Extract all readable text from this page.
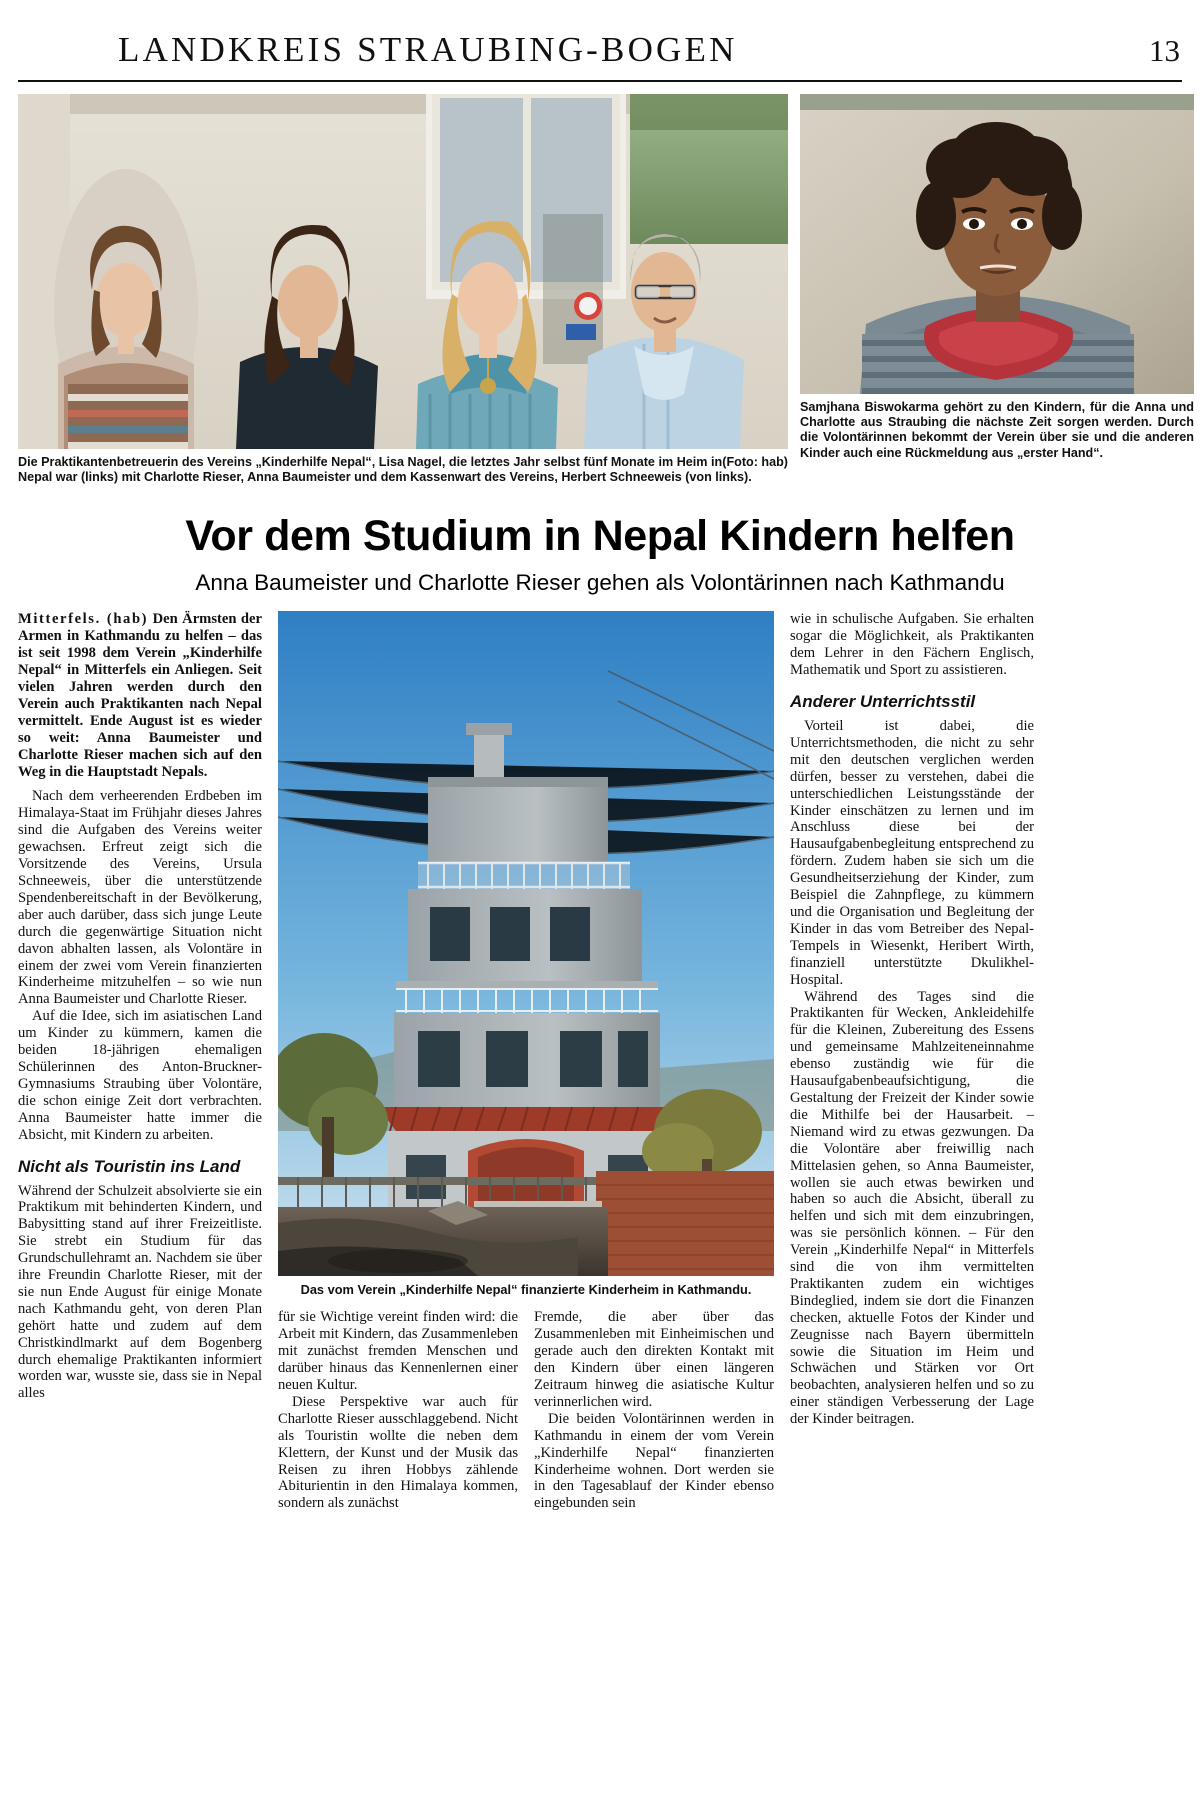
LANDKREIS STRAUBING-BOGEN	13
(Foto: hab)
Die Praktikantenbetreuerin des Vereins „Kinderhilfe Nepal“, Lisa Nagel, die letztes Jahr selbst fünf Monate im Heim in Nepal war (links) mit Charlotte Rieser, Anna Baumeister und dem Kassenwart des Vereins, Herbert Schneeweis (von links).
Samjhana Biswokarma gehört zu den Kindern, für die Anna und Charlotte aus Straubing die nächste Zeit sorgen werden. Durch die Volontärinnen bekommt der Verein über sie und die anderen Kinder auch eine Rückmeldung aus „erster Hand“.
Vor dem Studium in Nepal Kindern helfen
Anna Baumeister und Charlotte Rieser gehen als Volontärinnen nach Kathmandu

Mitterfels. (hab) Den Ärmsten der Armen in Kathmandu zu helfen – das ist seit 1998 dem Verein „Kinderhilfe Nepal“ in Mitterfels ein Anliegen. Seit vielen Jahren werden durch den Verein auch Praktikanten nach Nepal vermittelt. Ende August ist es wieder so weit: Anna Baumeister und Charlotte Rieser machen sich auf den Weg in die Hauptstadt Nepals.

Nach dem verheerenden Erdbeben im Himalaya-Staat im Frühjahr dieses Jahres sind die Aufgaben des Vereins weiter gewachsen. Erfreut zeigt sich die Vorsitzende des Vereins, Ursula Schneeweis, über die unterstützende Spendenbereitschaft in der Bevölkerung, aber auch darüber, dass sich junge Leute durch die gegenwärtige Situation nicht davon abhalten lassen, als Volontäre in einem der zwei vom Verein finanzierten Kinderheime mitzuhelfen – so wie nun Anna Baumeister und Charlotte Rieser.

Auf die Idee, sich im asiatischen Land um Kinder zu kümmern, kamen die beiden 18-jährigen ehemaligen Schülerinnen des Anton-Bruckner-Gymnasiums Straubing über Volontäre, die schon einige Zeit dort verbrachten. Anna Baumeister hatte immer die Absicht, mit Kindern zu arbeiten.

Nicht als Touristin ins Land

Während der Schulzeit absolvierte sie ein Praktikum mit behinderten Kindern, und Babysitting stand auf ihrer Freizeitliste. Sie strebt ein Studium für das Grundschullehramt an. Nachdem sie über ihre Freundin Charlotte Rieser, mit der sie nun Ende August für einige Monate nach Kathmandu geht, von deren Plan gehört hatte und zudem auf dem Christkindlmarkt auf dem Bogenberg durch ehemalige Praktikanten informiert worden war, wusste sie, dass sie in Nepal alles

Das vom Verein „Kinderhilfe Nepal“ finanzierte Kinderheim in Kathmandu.

für sie Wichtige vereint finden wird: die Arbeit mit Kindern, das Zusammenleben mit zunächst fremden Menschen und darüber hinaus das Kennenlernen einer neuen Kultur.

Diese Perspektive war auch für Charlotte Rieser ausschlaggebend. Nicht als Touristin wollte die neben dem Klettern, der Kunst und der Musik das Reisen zu ihren Hobbys zählende Abiturientin in den Himalaya kommen, sondern als zunächst

Fremde, die aber über das Zusammenleben mit Einheimischen und gerade auch den direkten Kontakt mit den Kindern über einen längeren Zeitraum hinweg die asiatische Kultur verinnerlichen wird.

Die beiden Volontärinnen werden in Kathmandu in einem der vom Verein „Kinderhilfe Nepal“ finanzierten Kinderheime wohnen. Dort werden sie in den Tagesablauf der Kinder ebenso eingebunden sein

wie in schulische Aufgaben. Sie erhalten sogar die Möglichkeit, als Praktikanten dem Lehrer in den Fächern Englisch, Mathematik und Sport zu assistieren.

Anderer Unterrichtsstil

Vorteil ist dabei, die Unterrichtsmethoden, die nicht zu sehr mit den deutschen verglichen werden dürfen, besser zu verstehen, dabei die unterschiedlichen Leistungsstände der Kinder einschätzen zu lernen und im Anschluss diese bei der Hausaufgabenbegleitung entsprechend zu fördern. Zudem haben sie sich um die Gesundheitserziehung der Kinder, zum Beispiel die Zahnpflege, zu kümmern und die Organisation und Begleitung der Kinder in das vom Betreiber des Nepal-Tempels in Wiesenkt, Heribert Wirth, finanziell unterstützte Dkulikhel-Hospital.

Während des Tages sind die Praktikanten für Wecken, Ankleidehilfe für die Kleinen, Zubereitung des Essens und gemeinsame Mahlzeiteneinnahme ebenso zuständig wie für die Hausaufgabenbeaufsichtigung, die Gestaltung der Freizeit der Kinder sowie die Mithilfe bei der Hausarbeit. – Niemand wird zu etwas gezwungen. Da die Volontäre aber freiwillig nach Mittelasien gehen, so Anna Baumeister, wollen sie auch etwas bewirken und haben so auch die Absicht, überall zu helfen und sich mit dem einzubringen, was sie persönlich können. – Für den Verein „Kinderhilfe Nepal“ in Mitterfels sind die von ihm vermittelten Praktikanten zudem ein wichtiges Bindeglied, indem sie dort die Finanzen checken, aktuelle Fotos der Kinder und Zeugnisse nach Bayern übermitteln sowie die Situation im Heim und Schwächen und Stärken vor Ort beobachten, analysieren helfen und so zu einer ständigen Verbesserung der Lage der Kinder beitragen.
